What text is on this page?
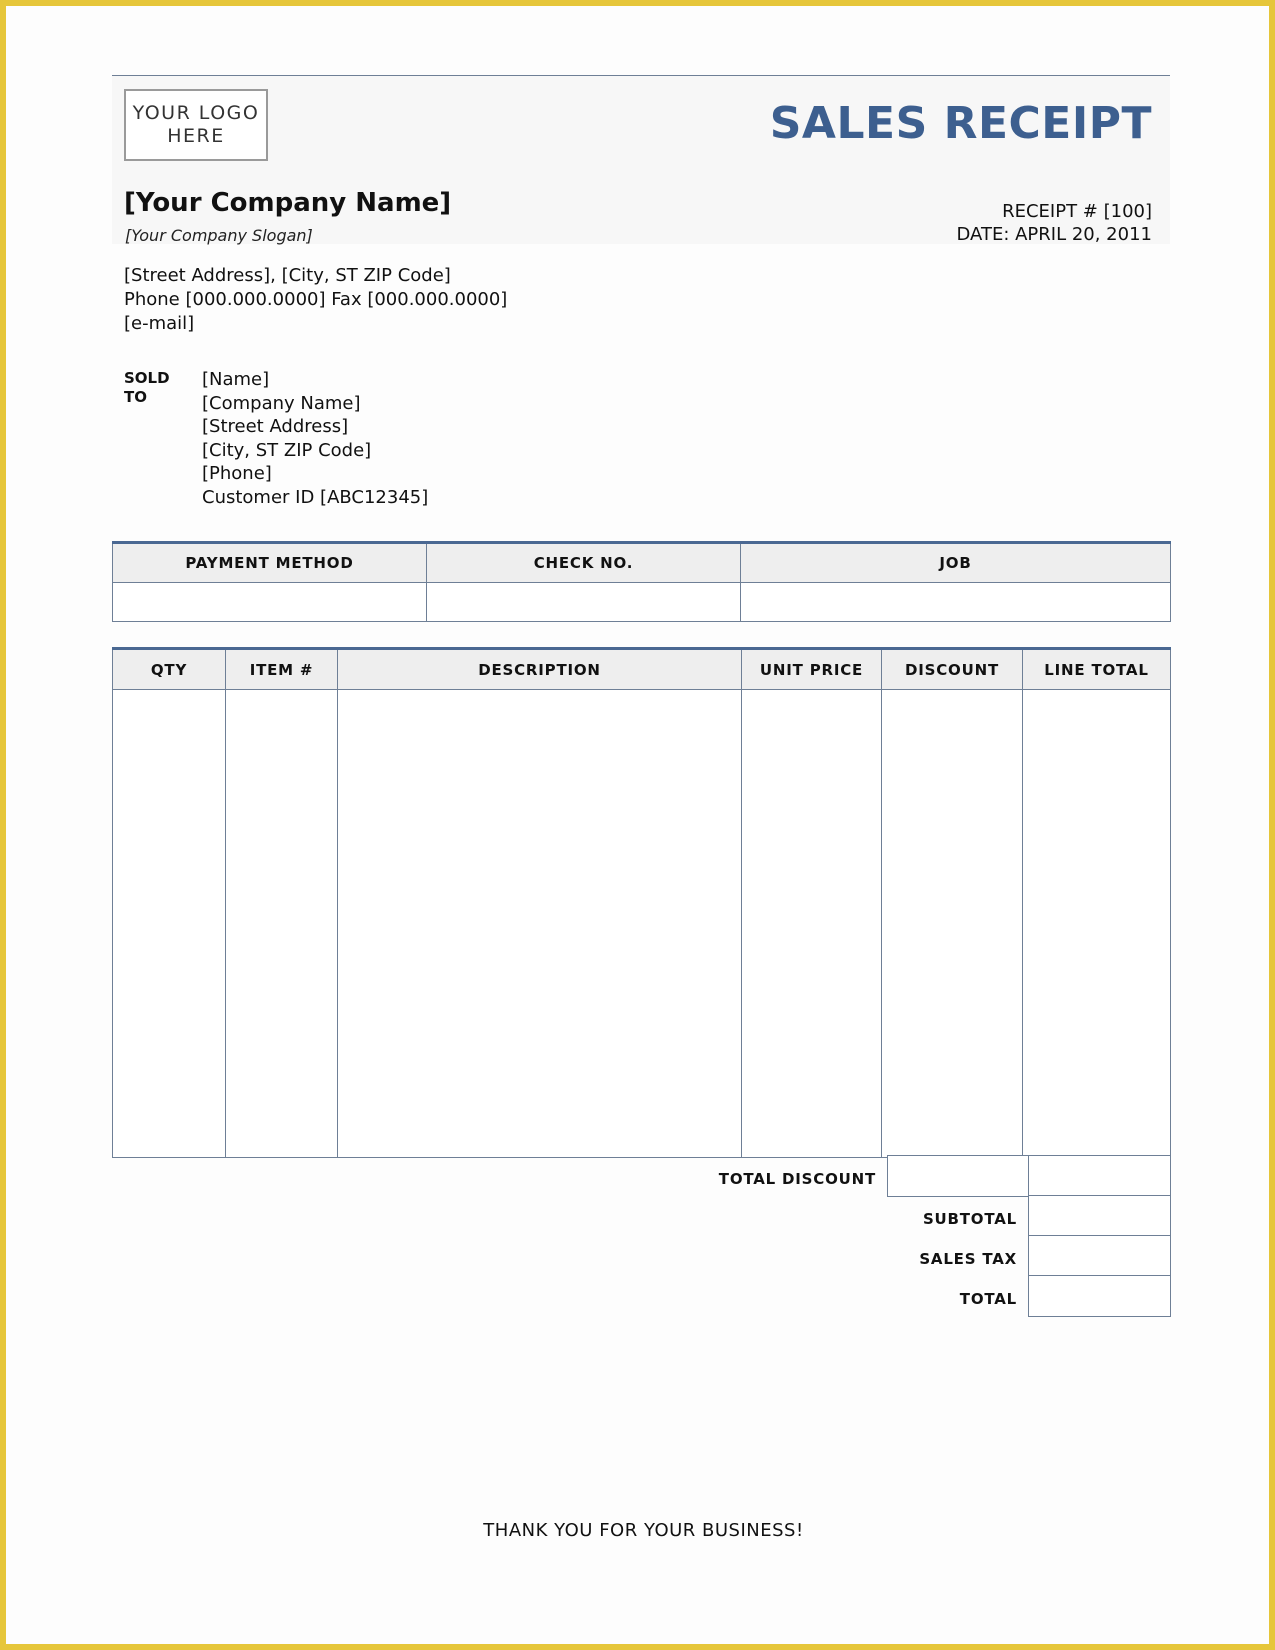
YOUR LOGO
HERE	SALES RECEIPT
[Your Company Name]
[Your Company Slogan]
RECEIPT # [100]
DATE: APRIL 20, 2011
[Street Address], [City, ST ZIP Code]
Phone [000.000.0000] Fax [000.000.0000]
[e-mail]
SOLD
TO
[Name]
[Company Name]
[Street Address]
[City, ST ZIP Code]
[Phone]
Customer ID [ABC12345]
PAYMENT METHOD	CHECK NO.	JOB

QTY	ITEM #	DESCRIPTION	UNIT PRICE	DISCOUNT	LINE TOTAL

TOTAL DISCOUNT
SUBTOTAL
SALES TAX
TOTAL
THANK YOU FOR YOUR BUSINESS!
